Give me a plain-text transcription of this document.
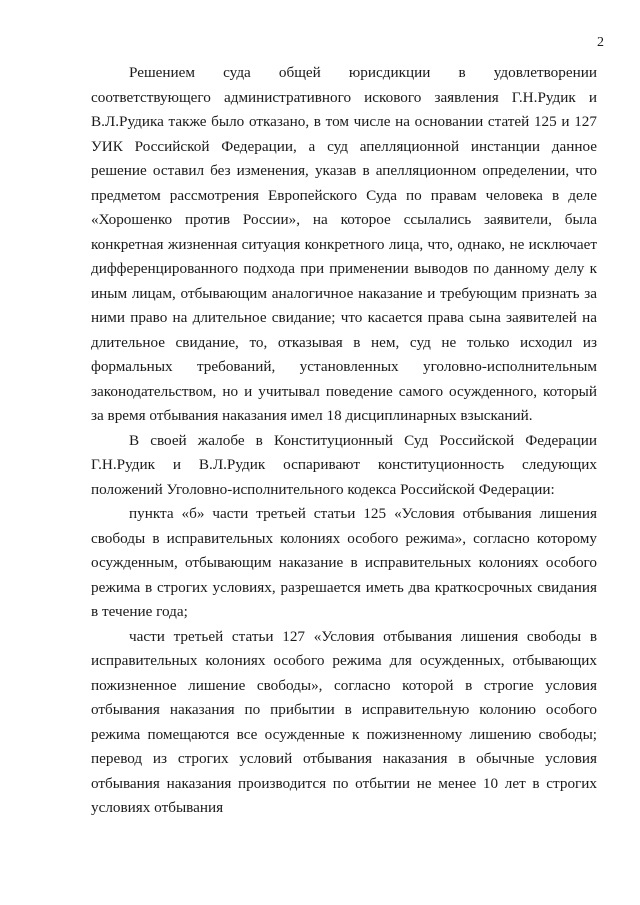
2

Решением суда общей юрисдикции в удовлетворении соответствующего административного искового заявления Г.Н.Рудик и В.Л.Рудика также было отказано, в том числе на основании статей 125 и 127 УИК Российской Федерации, а суд апелляционной инстанции данное решение оставил без изменения, указав в апелляционном определении, что предметом рассмотрения Европейского Суда по правам человека в деле «Хорошенко против России», на которое ссылались заявители, была конкретная жизненная ситуация конкретного лица, что, однако, не исключает дифференцированного подхода при применении выводов по данному делу к иным лицам, отбывающим аналогичное наказание и требующим признать за ними право на длительное свидание; что касается права сына заявителей на длительное свидание, то, отказывая в нем, суд не только исходил из формальных требований, установленных уголовно-исполнительным законодательством, но и учитывал поведение самого осужденного, который за время отбывания наказания имел 18 дисциплинарных взысканий.

В своей жалобе в Конституционный Суд Российской Федерации Г.Н.Рудик и В.Л.Рудик оспаривают конституционность следующих положений Уголовно-исполнительного кодекса Российской Федерации:

пункта «б» части третьей статьи 125 «Условия отбывания лишения свободы в исправительных колониях особого режима», согласно которому осужденным, отбывающим наказание в исправительных колониях особого режима в строгих условиях, разрешается иметь два краткосрочных свидания в течение года;

части третьей статьи 127 «Условия отбывания лишения свободы в исправительных колониях особого режима для осужденных, отбывающих пожизненное лишение свободы», согласно которой в строгие условия отбывания наказания по прибытии в исправительную колонию особого режима помещаются все осужденные к пожизненному лишению свободы; перевод из строгих условий отбывания наказания в обычные условия отбывания наказания производится по отбытии не менее 10 лет в строгих условиях отбывания
